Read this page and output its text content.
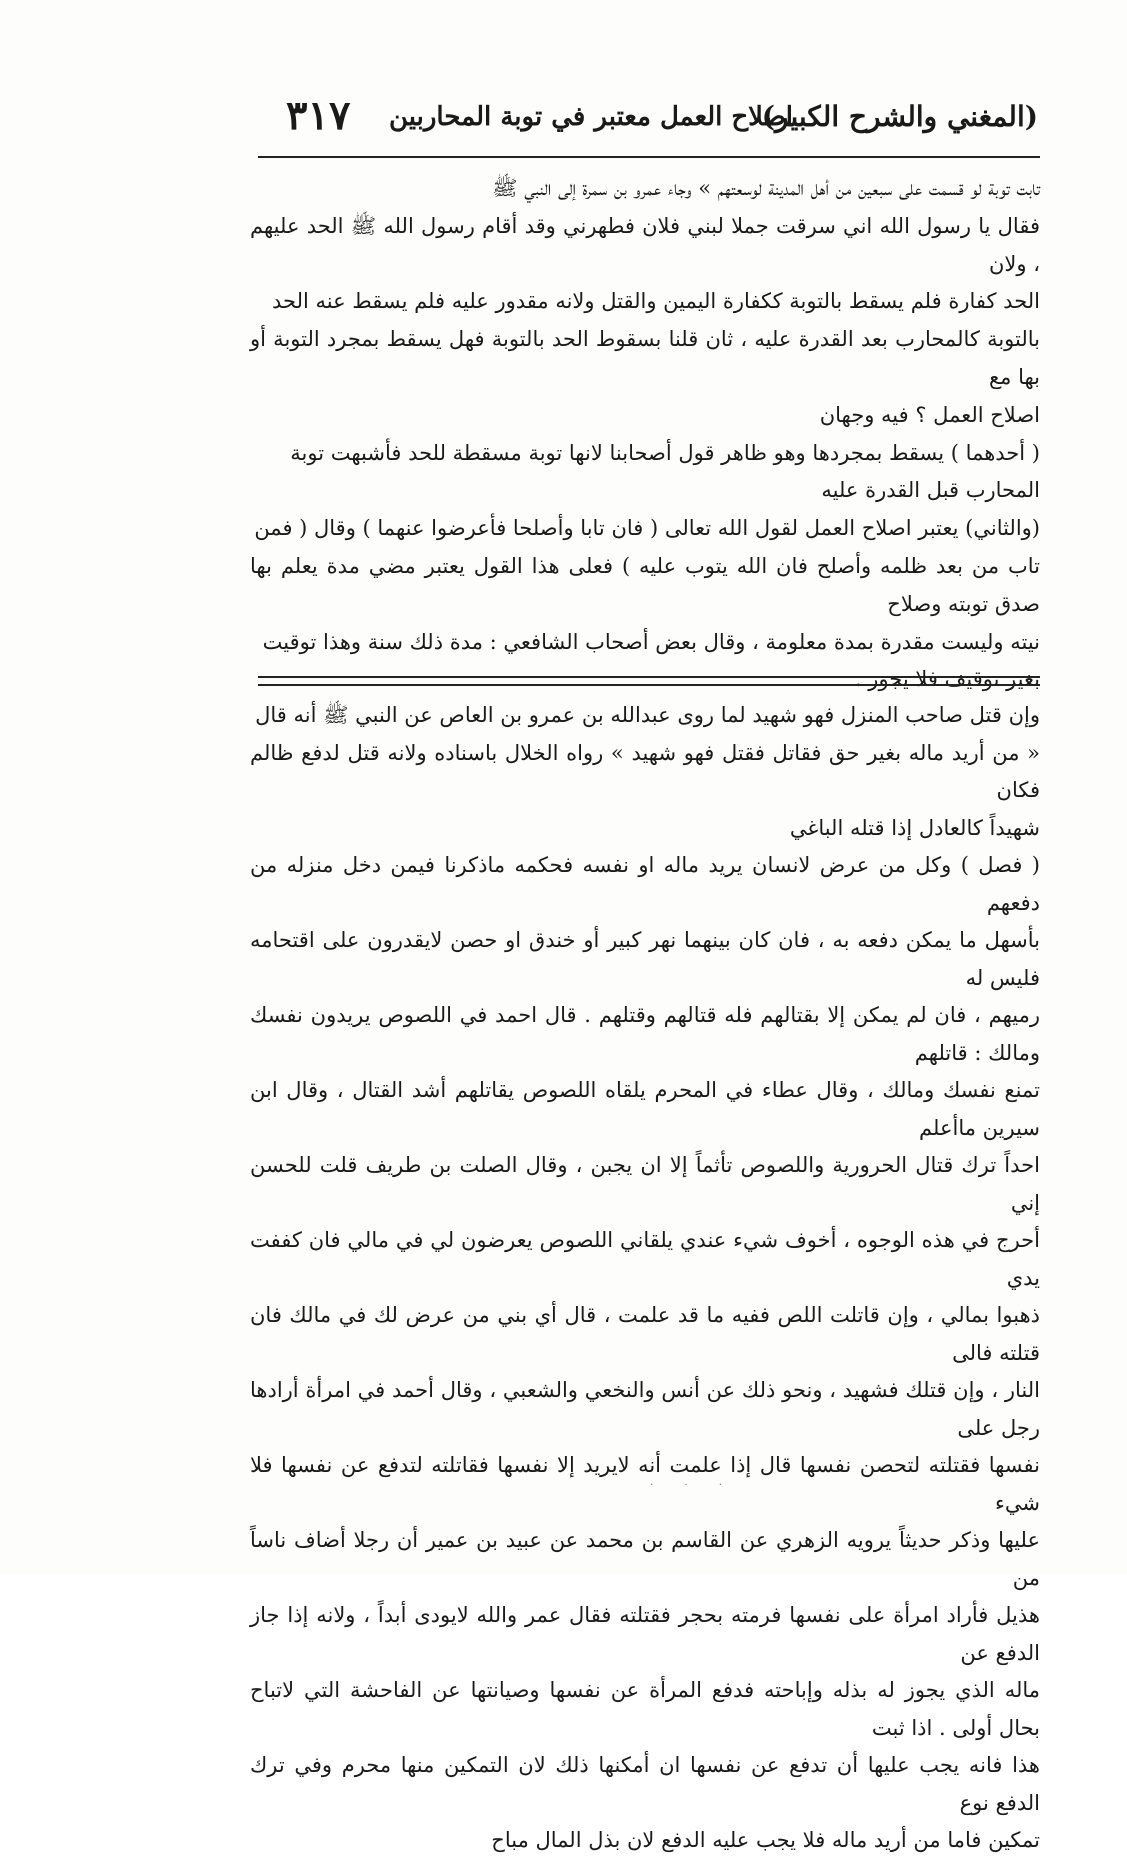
(المغني والشرح الكبير)
اصلاح العمل معتبر في توبة المحاربين
٣١٧

تابت توبة لو قسمت على سبعين من أهل المدينة لوسعتهم » وجاء عمرو بن سمرة إلى النبي ﷺ

فقال يا رسول الله اني سرقت جملا لبني فلان فطهرني وقد أقام رسول الله ﷺ الحد عليهم ، ولان

الحد كفارة فلم يسقط بالتوبة ككفارة اليمين والقتل ولانه مقدور عليه فلم يسقط عنه الحد

بالتوبة كالمحارب بعد القدرة عليه ، ثان قلنا بسقوط الحد بالتوبة فهل يسقط بمجرد التوبة أو بها مع

اصلاح العمل ؟ فيه وجهان

( أحدهما ) يسقط بمجردها وهو ظاهر قول أصحابنا لانها توبة مسقطة للحد فأشبهت توبة

المحارب قبل القدرة عليه

(والثاني) يعتبر اصلاح العمل لقول الله تعالى ( فان تابا وأصلحا فأعرضوا عنهما ) وقال ( فمن

تاب من بعد ظلمه وأصلح فان الله يتوب عليه ) فعلى هذا القول يعتبر مضي مدة يعلم بها صدق توبته وصلاح

نيته وليست مقدرة بمدة معلومة ، وقال بعض أصحاب الشافعي : مدة ذلك سنة وهذا توقيت

بغير توقيف فلا يجوز .

وإن قتل صاحب المنزل فهو شهيد لما روى عبدالله بن عمرو بن العاص عن النبي ﷺ أنه قال

« من أريد ماله بغير حق فقاتل فقتل فهو شهيد » رواه الخلال باسناده ولانه قتل لدفع ظالم فكان

شهيداً كالعادل إذا قتله الباغي

( فصل ) وكل من عرض لانسان يريد ماله او نفسه فحكمه ماذكرنا فيمن دخل منزله من دفعهم

بأسهل ما يمكن دفعه به ، فان كان بينهما نهر كبير أو خندق او حصن لايقدرون على اقتحامه فليس له

رميهم ، فان لم يمكن إلا بقتالهم فله قتالهم وقتلهم . قال احمد في اللصوص يريدون نفسك ومالك : قاتلهم

تمنع نفسك ومالك ، وقال عطاء في المحرم يلقاه اللصوص يقاتلهم أشد القتال ، وقال ابن سيرين ماأعلم

احداً ترك قتال الحرورية واللصوص تأثماً إلا ان يجبن ، وقال الصلت بن طريف قلت للحسن إني

أحرج في هذه الوجوه ، أخوف شيء عندي يلقاني اللصوص يعرضون لي في مالي فان كففت يدي

ذهبوا بمالي ، وإن قاتلت اللص ففيه ما قد علمت ، قال أي بني من عرض لك في مالك فان قتلته فالى

النار ، وإن قتلك فشهيد ، ونحو ذلك عن أنس والنخعي والشعبي ، وقال أحمد في امرأة أرادها رجل على

نفسها فقتلته لتحصن نفسها قال إذا علمت أنه لايريد إلا نفسها فقاتلته لتدفع عن نفسها فلا شيء

عليها وذكر حديثاً يرويه الزهري عن القاسم بن محمد عن عبيد بن عمير أن رجلا أضاف ناساً من

هذيل فأراد امرأة على نفسها فرمته بحجر فقتلته فقال عمر والله لايودى أبداً ، ولانه إذا جاز الدفع عن

ماله الذي يجوز له بذله وإباحته فدفع المرأة عن نفسها وصيانتها عن الفاحشة التي لاتباح بحال أولى . اذا ثبت

هذا فانه يجب عليها أن تدفع عن نفسها ان أمكنها ذلك لان التمكين منها محرم وفي ترك الدفع نوع

تمكين فاما من أريد ماله فلا يجب عليه الدفع لان بذل المال مباح

· · ·
